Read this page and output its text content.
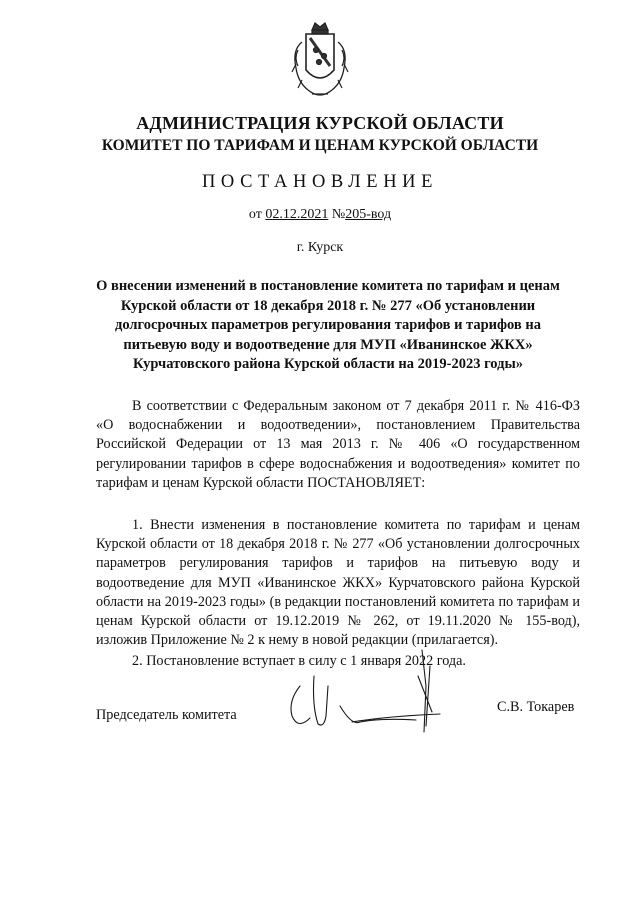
АДМИНИСТРАЦИЯ КУРСКОЙ ОБЛАСТИ
КОМИТЕТ ПО ТАРИФАМ И ЦЕНАМ КУРСКОЙ ОБЛАСТИ
ПОСТАНОВЛЕНИЕ
от 02.12.2021 №205-вод
г. Курск
О внесении изменений в постановление комитета по тарифам и ценам Курской области от 18 декабря 2018 г. № 277 «Об установлении долгосрочных параметров регулирования тарифов и тарифов на питьевую воду и водоотведение для МУП «Иванинское ЖКХ» Курчатовского района Курской области на 2019-2023 годы»

В соответствии с Федеральным законом от 7 декабря 2011 г. № 416-ФЗ «О водоснабжении и водоотведении», постановлением Правительства Российской Федерации от 13 мая 2013 г. № 406 «О государственном регулировании тарифов в сфере водоснабжения и водоотведения» комитет по тарифам и ценам Курской области ПОСТАНОВЛЯЕТ:

1. Внести изменения в постановление комитета по тарифам и ценам Курской области от 18 декабря 2018 г. № 277 «Об установлении долгосрочных параметров регулирования тарифов и тарифов на питьевую воду и водоотведение для МУП «Иванинское ЖКХ» Курчатовского района Курской области на 2019-2023 годы» (в редакции постановлений комитета по тарифам и ценам Курской области от 19.12.2019 № 262, от 19.11.2020 № 155-вод), изложив Приложение № 2 к нему в новой редакции (прилагается).

2. Постановление вступает в силу с 1 января 2022 года.

Председатель комитета	С.В. Токарев
